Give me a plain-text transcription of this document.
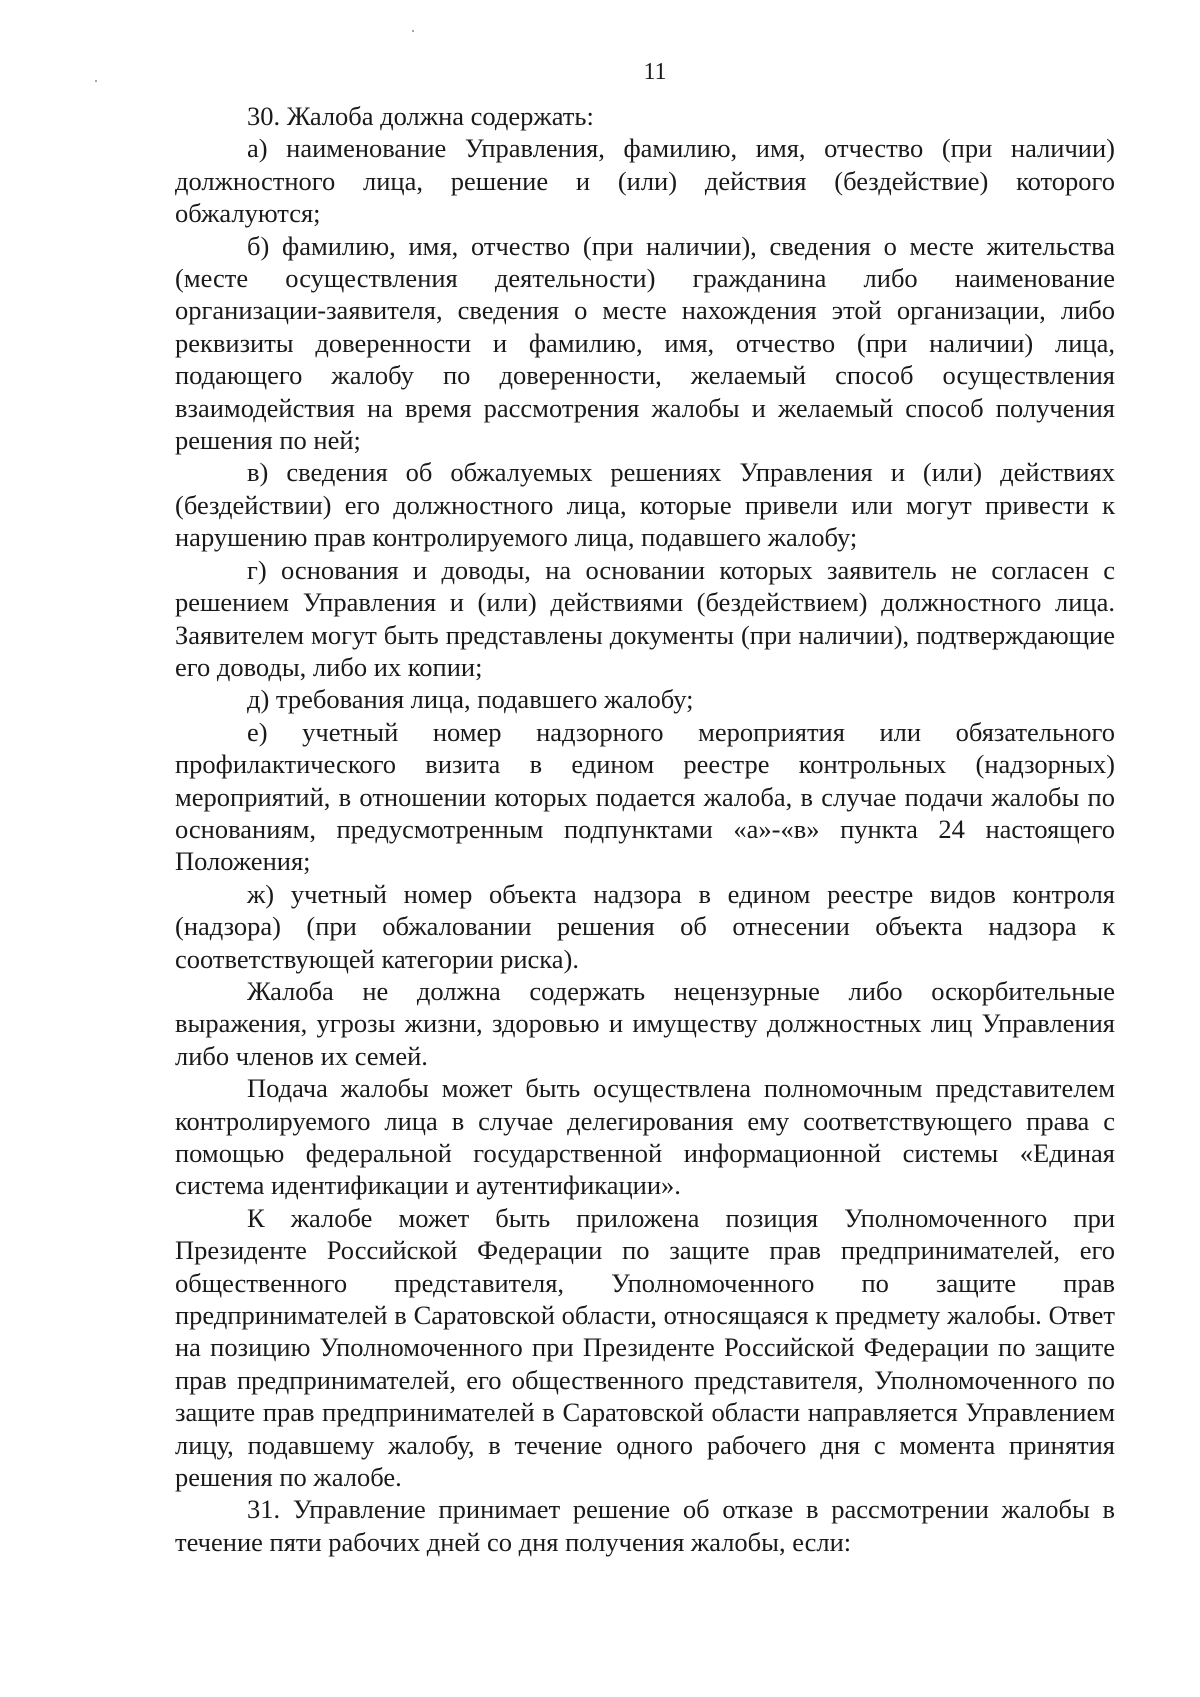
11

30. Жалоба должна содержать:

а) наименование Управления, фамилию, имя, отчество (при наличии) должностного лица, решение и (или) действия (бездействие) которого обжалуются;

б) фамилию, имя, отчество (при наличии), сведения о месте жительства (месте осуществления деятельности) гражданина либо наименование организации-заявителя, сведения о месте нахождения этой организации, либо реквизиты доверенности и фамилию, имя, отчество (при наличии) лица, подающего жалобу по доверенности, желаемый способ осуществления взаимодействия на время рассмотрения жалобы и желаемый способ получения решения по ней;

в) сведения об обжалуемых решениях Управления и (или) действиях (бездействии) его должностного лица, которые привели или могут привести к нарушению прав контролируемого лица, подавшего жалобу;

г) основания и доводы, на основании которых заявитель не согласен с решением Управления и (или) действиями (бездействием) должностного лица. Заявителем могут быть представлены документы (при наличии), подтверждающие его доводы, либо их копии;

д) требования лица, подавшего жалобу;

е) учетный номер надзорного мероприятия или обязательного профилактического визита в едином реестре контрольных (надзорных) мероприятий, в отношении которых подается жалоба, в случае подачи жалобы по основаниям, предусмотренным подпунктами «а»-«в» пункта 24 настоящего Положения;

ж) учетный номер объекта надзора в едином реестре видов контроля (надзора) (при обжаловании решения об отнесении объекта надзора к соответствующей категории риска).

Жалоба не должна содержать нецензурные либо оскорбительные выражения, угрозы жизни, здоровью и имуществу должностных лиц Управления либо членов их семей.

Подача жалобы может быть осуществлена полномочным представителем контролируемого лица в случае делегирования ему соответствующего права с помощью федеральной государственной информационной системы «Единая система идентификации и аутентификации».

К жалобе может быть приложена позиция Уполномоченного при Президенте Российской Федерации по защите прав предпринимателей, его общественного представителя, Уполномоченного по защите прав предпринимателей в Саратовской области, относящаяся к предмету жалобы. Ответ на позицию Уполномоченного при Президенте Российской Федерации по защите прав предпринимателей, его общественного представителя, Уполномоченного по защите прав предпринимателей в Саратовской области направляется Управлением лицу, подавшему жалобу, в течение одного рабочего дня с момента принятия решения по жалобе.

31. Управление принимает решение об отказе в рассмотрении жалобы в течение пяти рабочих дней со дня получения жалобы, если:
